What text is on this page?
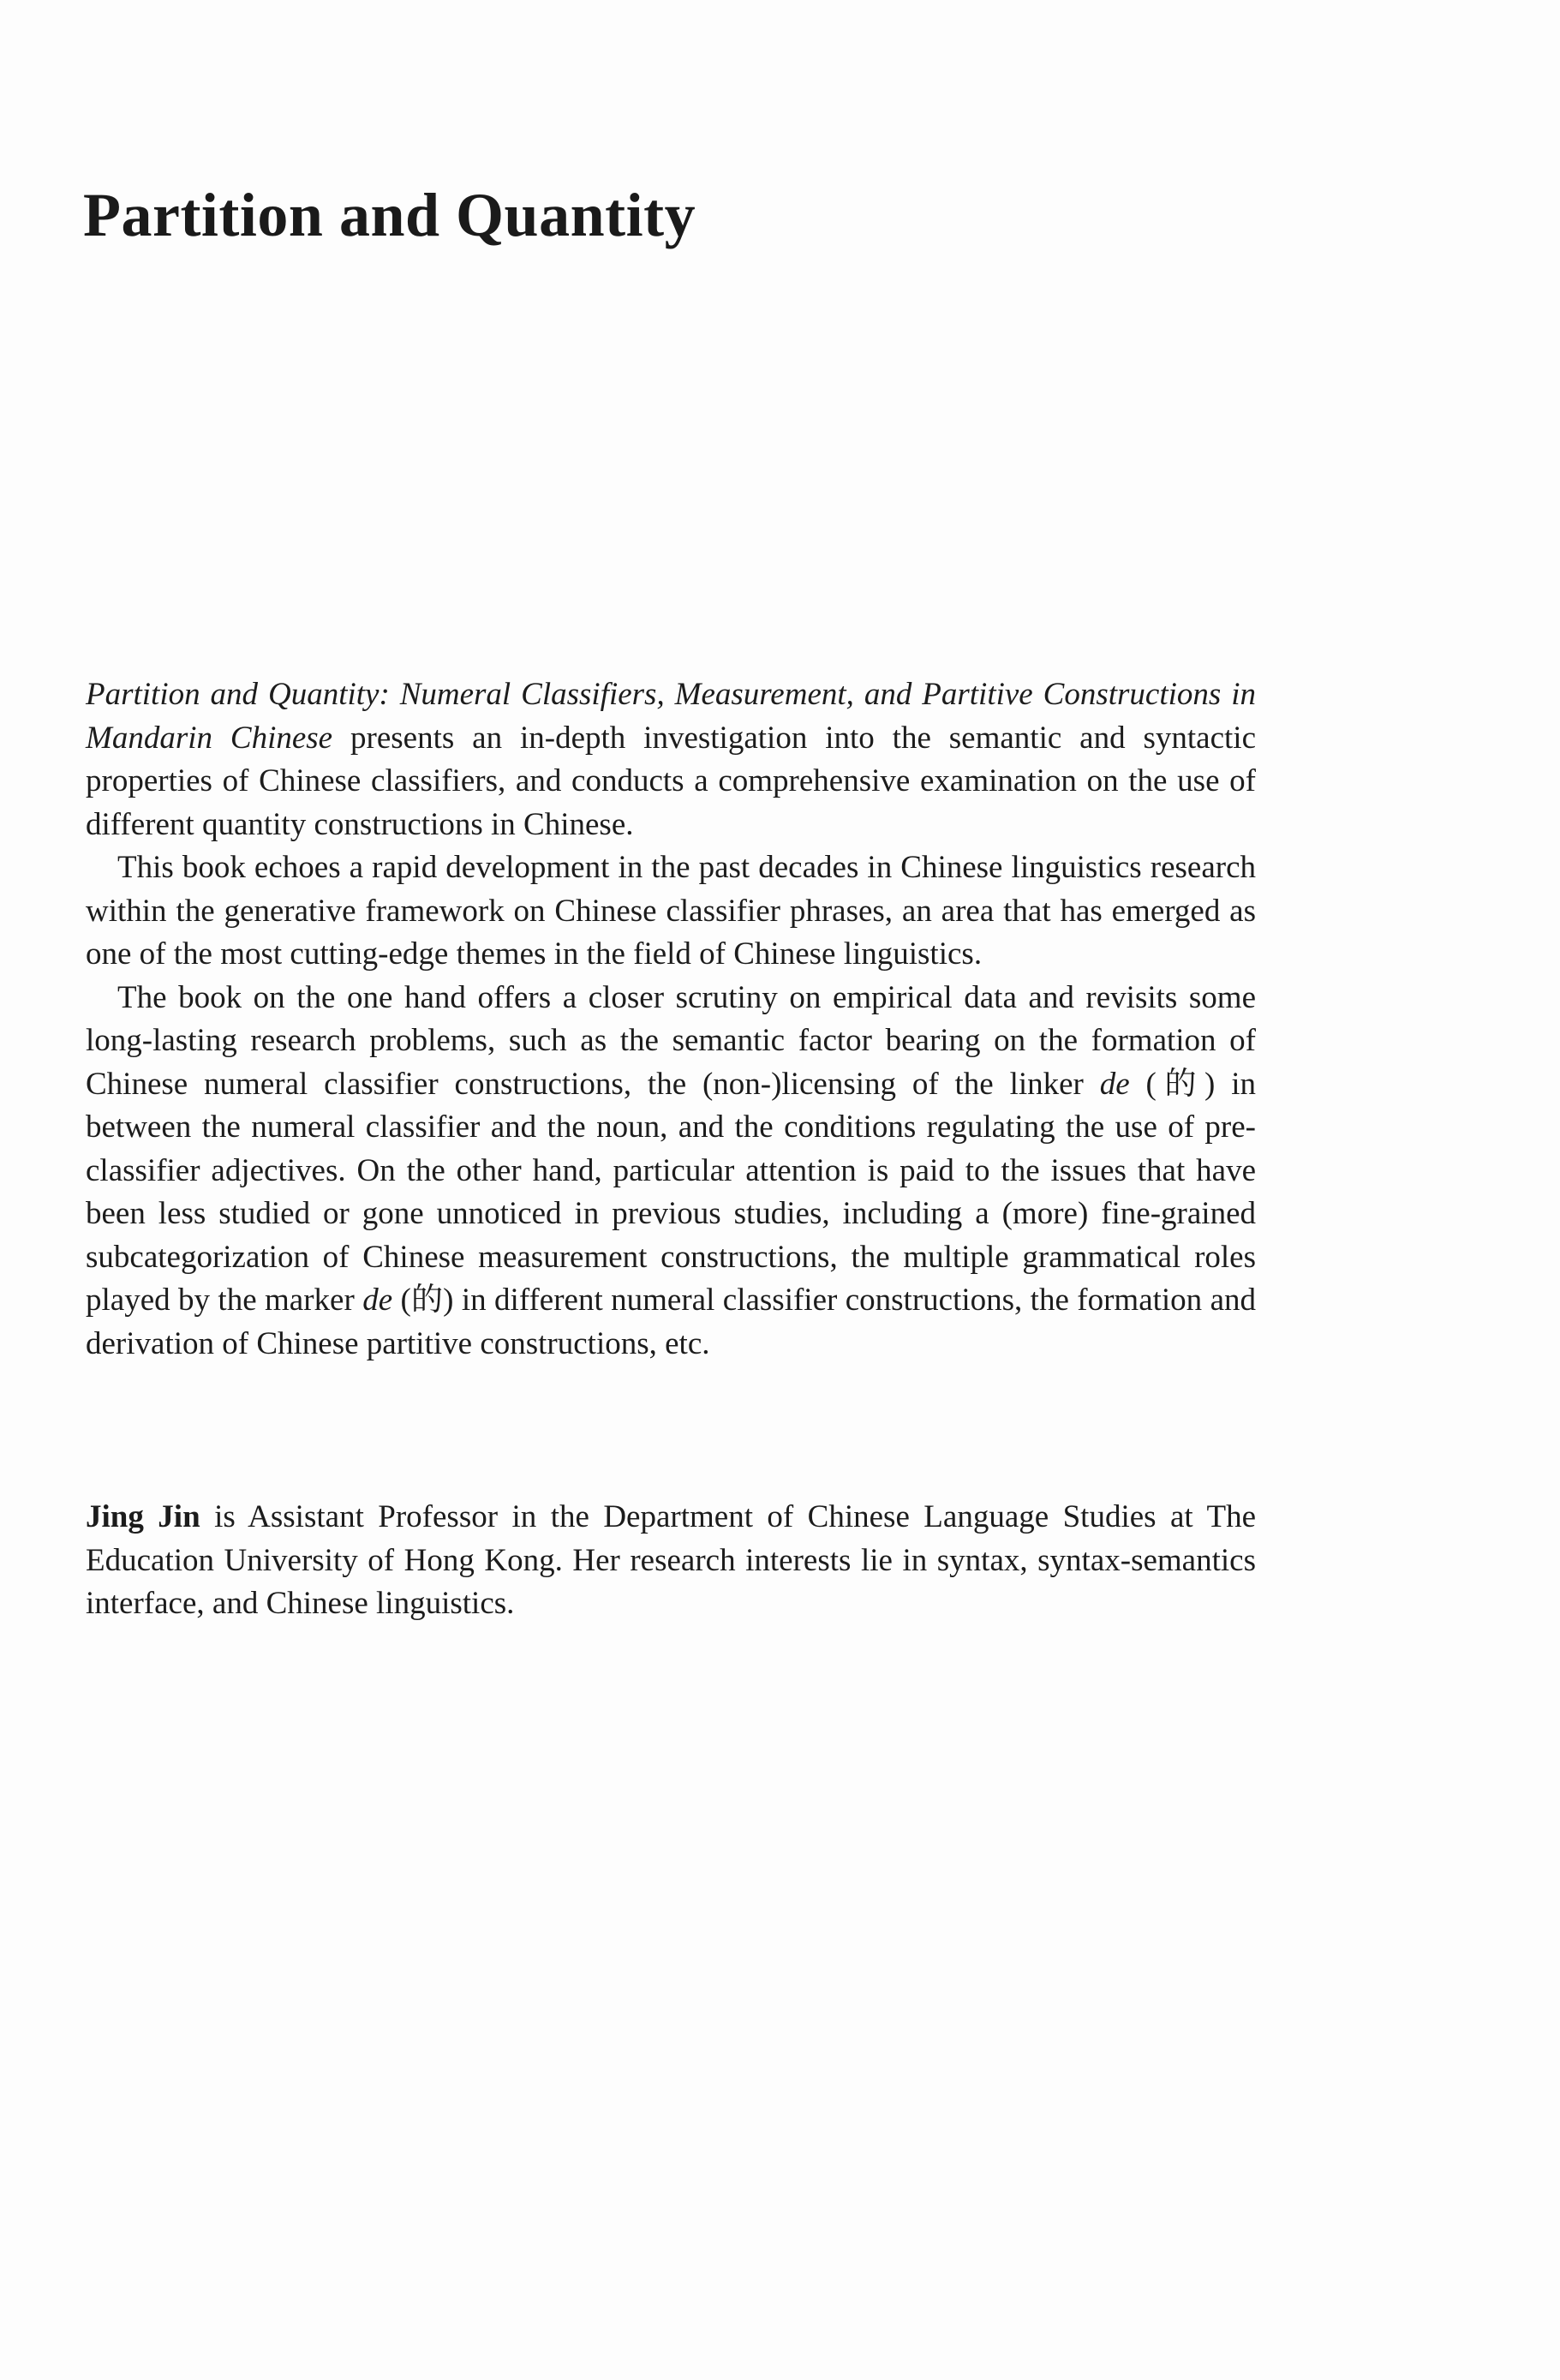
Partition and Quantity

Partition and Quantity: Numeral Classifiers, Measurement, and Partitive Constructions in Mandarin Chinese presents an in-depth investigation into the semantic and syntactic properties of Chinese classifiers, and conducts a comprehensive examination on the use of different quantity constructions in Chinese.

This book echoes a rapid development in the past decades in Chinese linguistics research within the generative framework on Chinese classifier phrases, an area that has emerged as one of the most cutting-edge themes in the field of Chinese linguistics.

The book on the one hand offers a closer scrutiny on empirical data and revisits some long-lasting research problems, such as the semantic factor bearing on the formation of Chinese numeral classifier constructions, the (non-)licensing of the linker de (的) in between the numeral classifier and the noun, and the conditions regulating the use of pre-classifier adjectives. On the other hand, particular attention is paid to the issues that have been less studied or gone unnoticed in previous studies, including a (more) fine-grained subcategorization of Chinese measurement constructions, the multiple grammatical roles played by the marker de (的) in different numeral classifier constructions, the formation and derivation of Chinese partitive constructions, etc.

Jing Jin is Assistant Professor in the Department of Chinese Language Studies at The Education University of Hong Kong. Her research interests lie in syntax, syntax-semantics interface, and Chinese linguistics.
